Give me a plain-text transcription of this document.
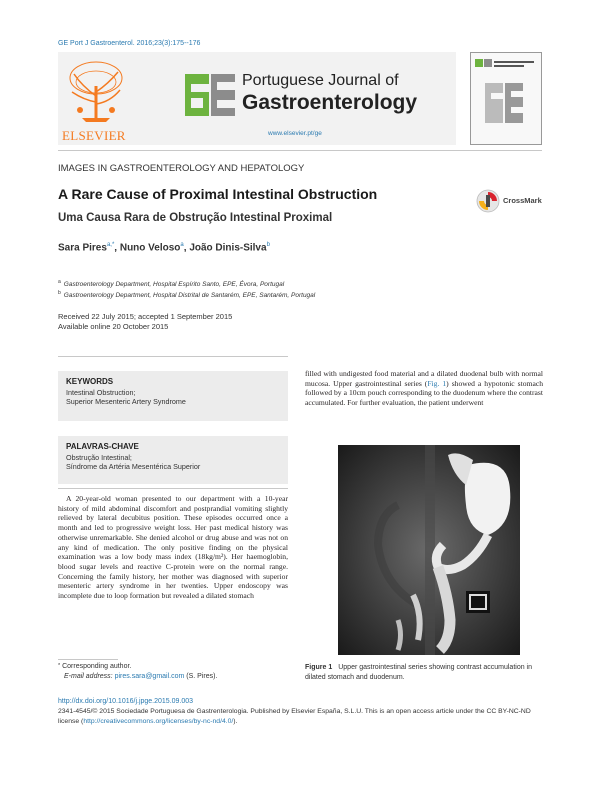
GE Port J Gastroenterol. 2016;23(3):175--176
ELSEVIER
Portuguese Journal of
Gastroenterology
www.elsevier.pt/ge
IMAGES IN GASTROENTEROLOGY AND HEPATOLOGY
A Rare Cause of Proximal Intestinal Obstruction
Uma Causa Rara de Obstrução Intestinal Proximal
CrossMark
Sara Pires$^{a,*}$, Nuno Veloso$^a$, João Dinis-Silva$^b$
$^a$ Gastroenterology Department, Hospital Espírito Santo, EPE, Évora, Portugal
$^b$ Gastroenterology Department, Hospital Distrital de Santarém, EPE, Santarém, Portugal
Received 22 July 2015; accepted 1 September 2015
Available online 20 October 2015
KEYWORDS

Intestinal Obstruction;

Superior Mesenteric Artery Syndrome

PALAVRAS-CHAVE

Obstrução Intestinal;

Síndrome da Artéria Mesentérica Superior

A 20-year-old woman presented to our department with a 10-year history of mild abdominal discomfort and postprandial vomiting slightly relieved by lateral decubitus position. These episodes occurred once a month and led to progressive weight loss. Her past medical history was otherwise unremarkable. She denied alcohol or drug abuse and was not on any kind of medication. The only positive finding on the physical examination was a low body mass index (18kg/m²). Her haemoglobin, blood sugar levels and reactive C-protein were on the normal range. Concerning the family history, her mother was diagnosed with superior mesenteric artery syndrome in her twenties. Upper endoscopy was incomplete due to loop formation but revealed a dilated stomach
filled with undigested food material and a dilated duodenal bulb with normal mucosa. Upper gastrointestinal series (Fig. 1) showed a hypotonic stomach followed by a 10cm pouch corresponding to the duodenum where the contrast accumulated. For further evaluation, the patient underwent
Figure 1 Upper gastrointestinal series showing contrast accumulation in dilated stomach and duodenum.
* Corresponding author.
E-mail address: pires.sara@gmail.com (S. Pires).
http://dx.doi.org/10.1016/j.jpge.2015.09.003
2341-4545/© 2015 Sociedade Portuguesa de Gastrenterologia. Published by Elsevier España, S.L.U. This is an open access article under the CC BY-NC-ND license (http://creativecommons.org/licenses/by-nc-nd/4.0/).
